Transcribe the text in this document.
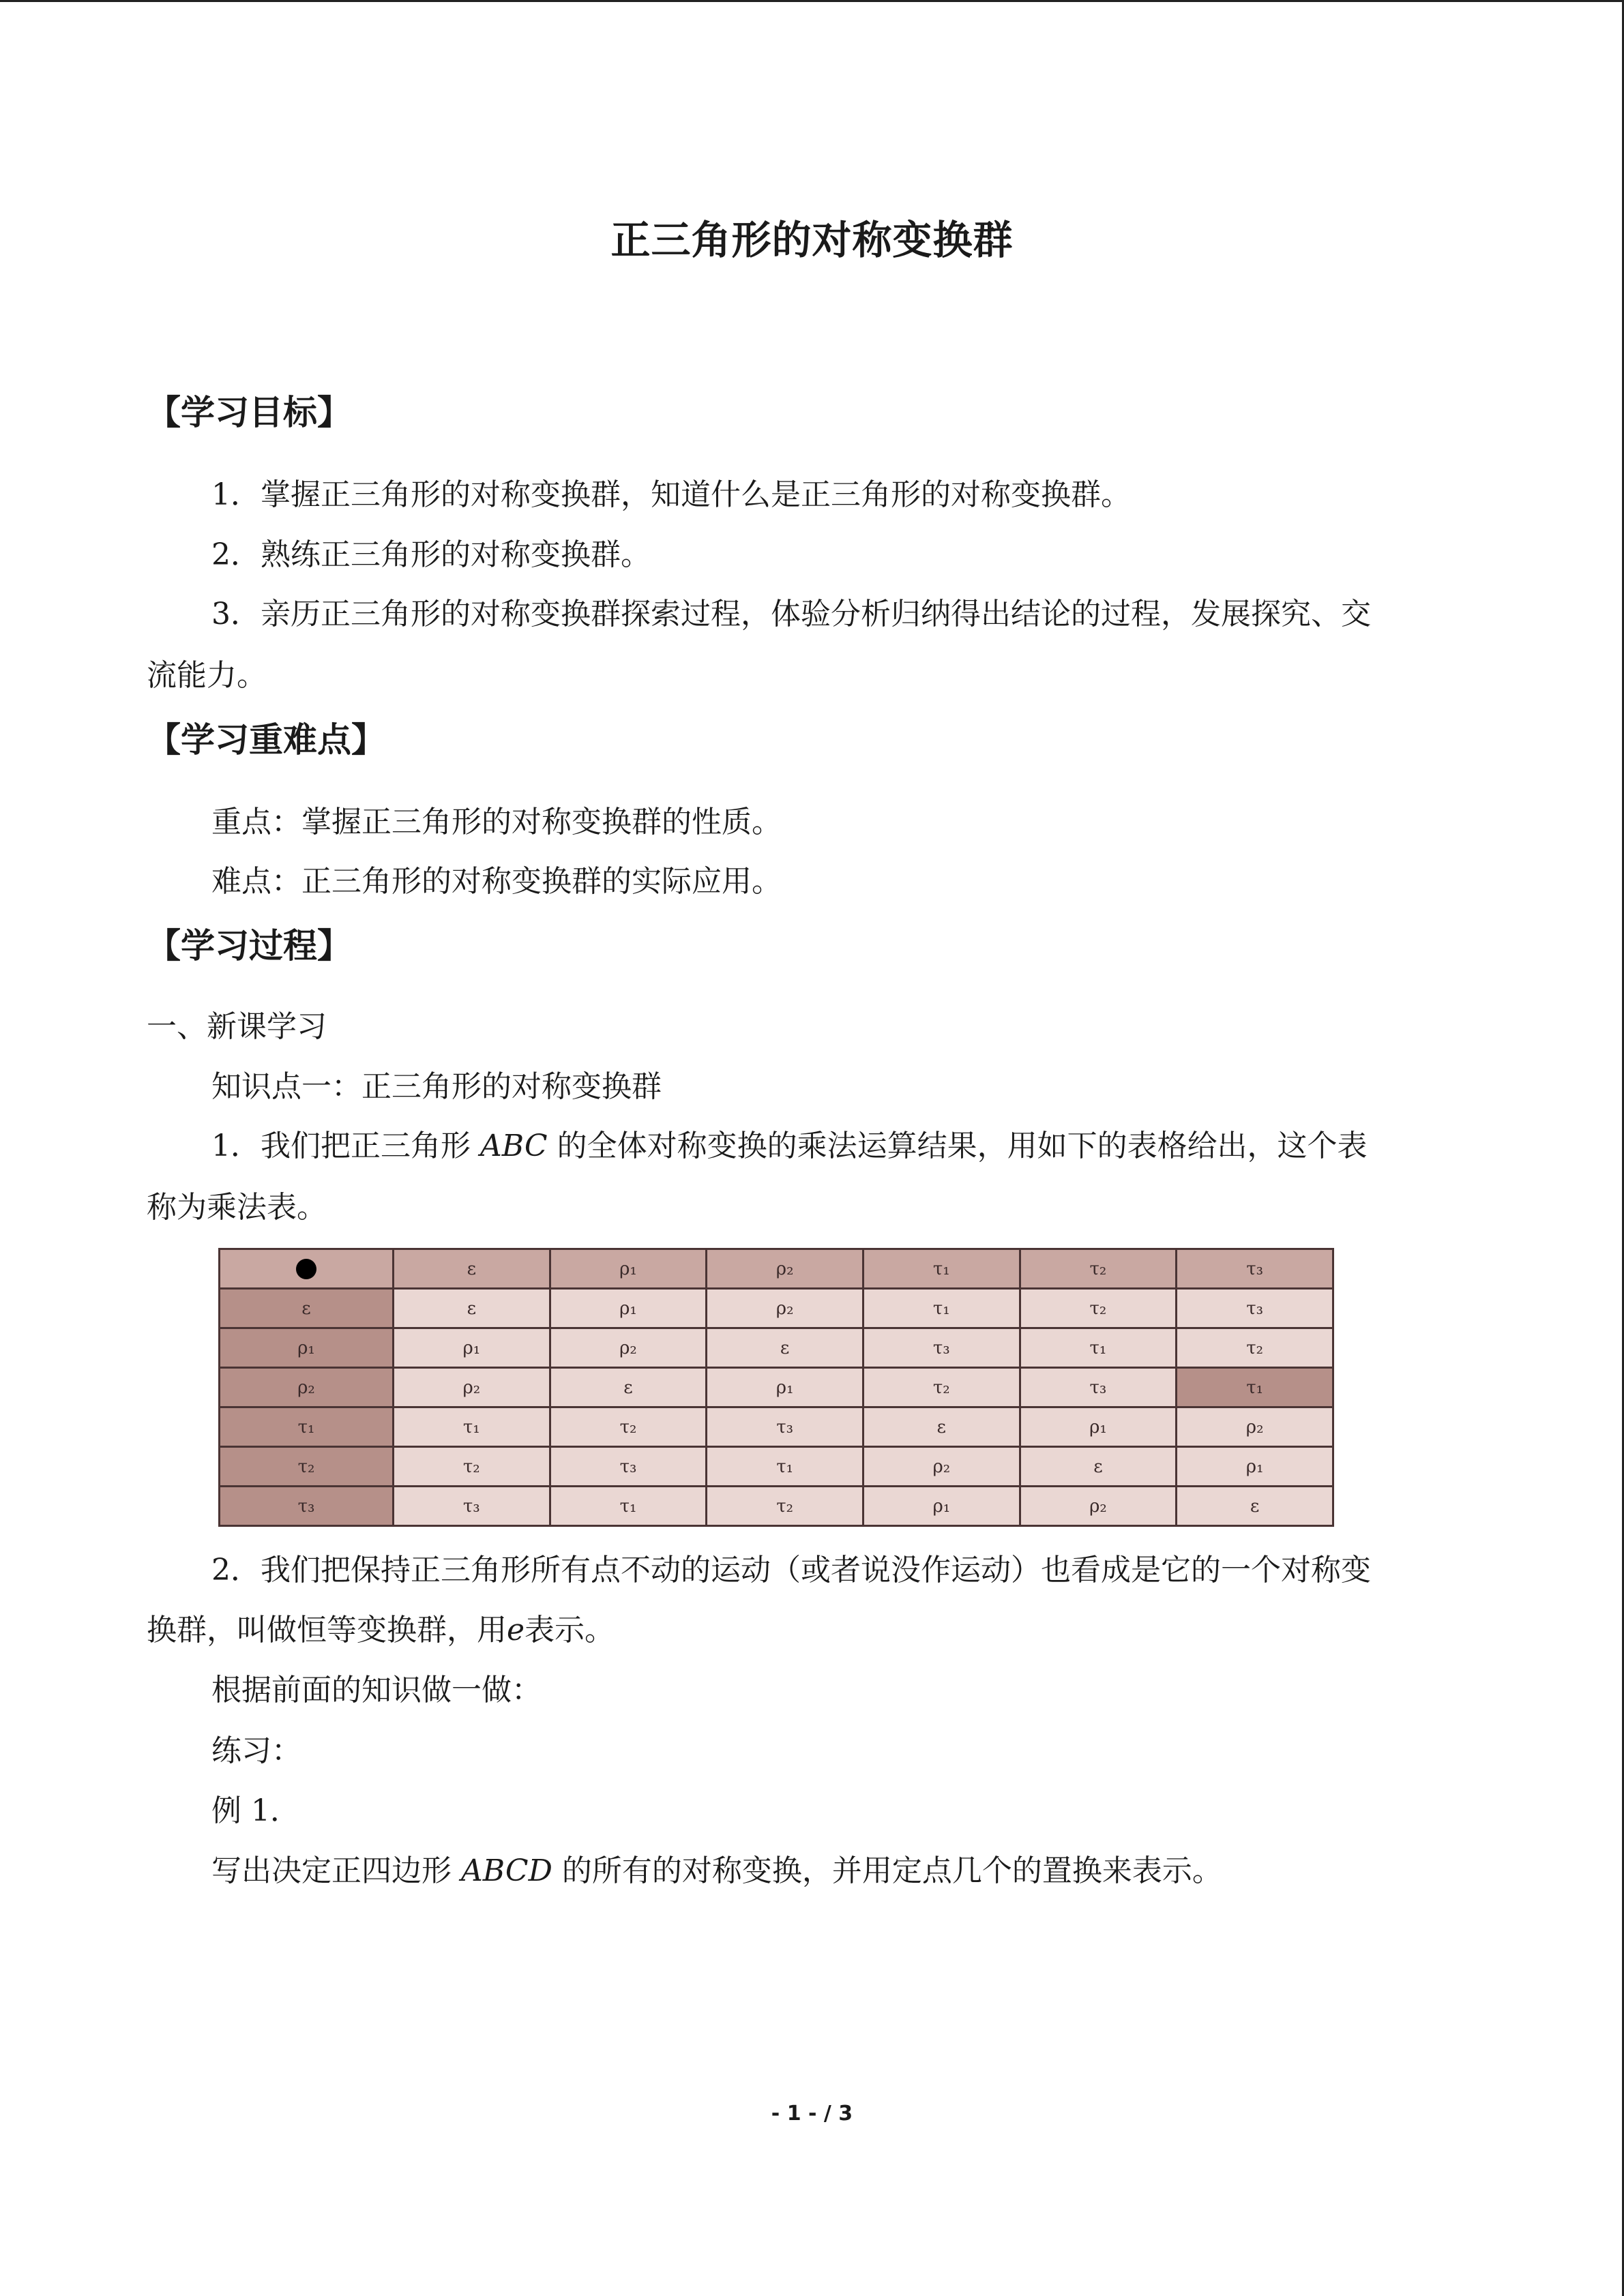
正三角形的对称变换群
【学习目标】
1．掌握正三角形的对称变换群，知道什么是正三角形的对称变换群。
2．熟练正三角形的对称变换群。
3．亲历正三角形的对称变换群探索过程，体验分析归纳得出结论的过程，发展探究、交
流能力。
【学习重难点】
重点：掌握正三角形的对称变换群的性质。
难点：正三角形的对称变换群的实际应用。
【学习过程】
一、新课学习
知识点一：正三角形的对称变换群
1．我们把正三角形 ABC 的全体对称变换的乘法运算结果，用如下的表格给出，这个表
称为乘法表。
	ε	ρ₁	ρ₂	τ₁	τ₂	τ₃
ε	ε	ρ₁	ρ₂	τ₁	τ₂	τ₃
ρ₁	ρ₁	ρ₂	ε	τ₃	τ₁	τ₂
ρ₂	ρ₂	ε	ρ₁	τ₂	τ₃	τ₁
τ₁	τ₁	τ₂	τ₃	ε	ρ₁	ρ₂
τ₂	τ₂	τ₃	τ₁	ρ₂	ε	ρ₁
τ₃	τ₃	τ₁	τ₂	ρ₁	ρ₂	ε
2．我们把保持正三角形所有点不动的运动（或者说没作运动）也看成是它的一个对称变
换群，叫做恒等变换群，用e表示。
根据前面的知识做一做：
练习：
例 1．
写出决定正四边形 ABCD 的所有的对称变换，并用定点几个的置换来表示。
- 1 - / 3
